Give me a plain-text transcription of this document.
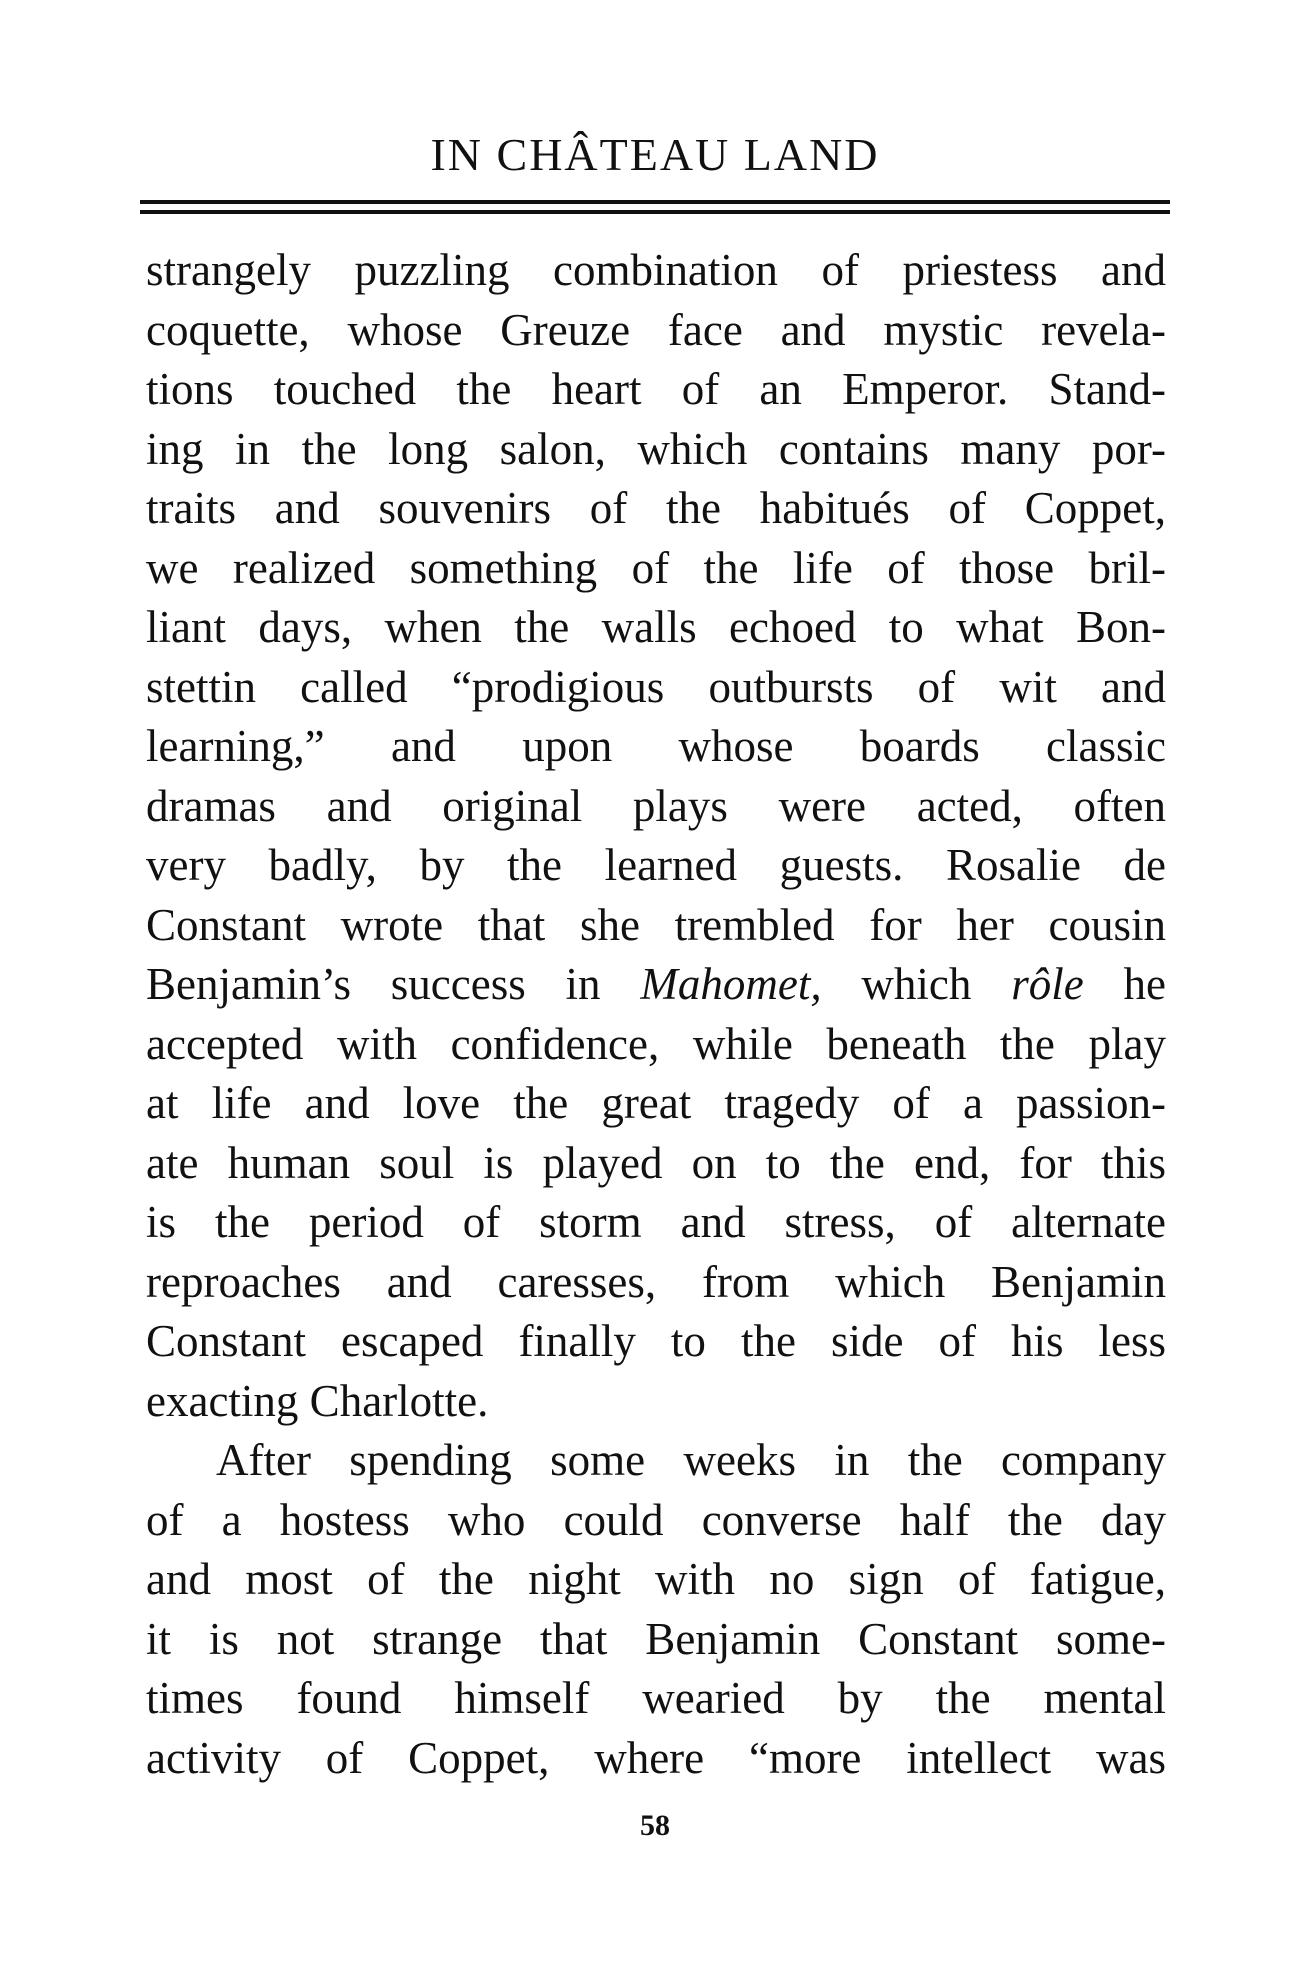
IN CHÂTEAU LAND
strangely puzzling combination of priestess and
coquette, whose Greuze face and mystic revela-
tions touched the heart of an Emperor. Stand-
ing in the long salon, which contains many por-
traits and souvenirs of the habitués of Coppet,
we realized something of the life of those bril-
liant days, when the walls echoed to what Bon-
stettin called “prodigious outbursts of wit and
learning,” and upon whose boards classic
dramas and original plays were acted, often
very badly, by the learned guests. Rosalie de
Constant wrote that she trembled for her cousin
Benjamin’s success in Mahomet, which rôle he
accepted with confidence, while beneath the play
at life and love the great tragedy of a passion-
ate human soul is played on to the end, for this
is the period of storm and stress, of alternate
reproaches and caresses, from which Benjamin
Constant escaped finally to the side of his less
exacting Charlotte.
After spending some weeks in the company
of a hostess who could converse half the day
and most of the night with no sign of fatigue,
it is not strange that Benjamin Constant some-
times found himself wearied by the mental
activity of Coppet, where “more intellect was
58
